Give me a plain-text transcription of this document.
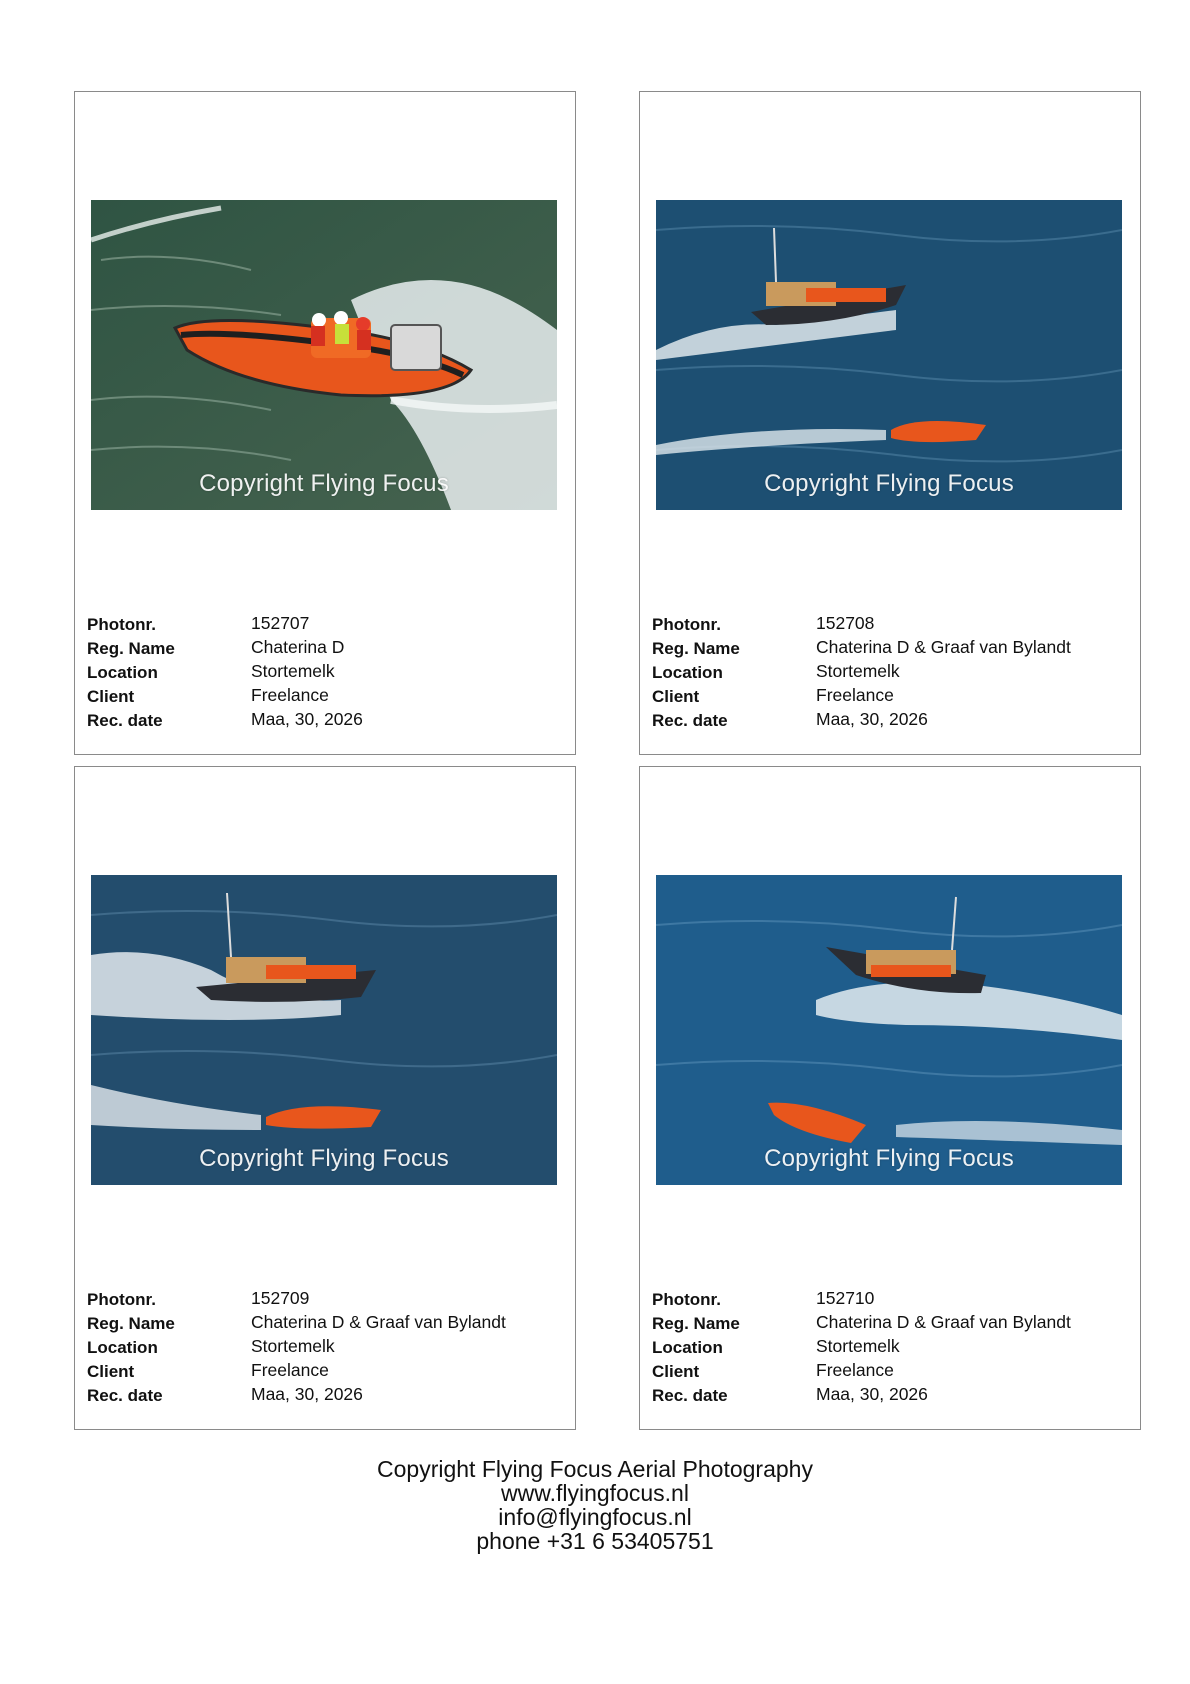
Copyright Flying Focus
Photonr.	152707
Reg. Name	Chaterina D
Location	Stortemelk
Client	Freelance
Rec. date	Maa, 30, 2026
Copyright Flying Focus
Photonr.	152708
Reg. Name	Chaterina D & Graaf van Bylandt
Location	Stortemelk
Client	Freelance
Rec. date	Maa, 30, 2026
Copyright Flying Focus
Photonr.	152709
Reg. Name	Chaterina D & Graaf van Bylandt
Location	Stortemelk
Client	Freelance
Rec. date	Maa, 30, 2026
Copyright Flying Focus
Photonr.	152710
Reg. Name	Chaterina D & Graaf van Bylandt
Location	Stortemelk
Client	Freelance
Rec. date	Maa, 30, 2026
Copyright Flying Focus Aerial Photography
www.flyingfocus.nl
info@flyingfocus.nl
phone +31 6 53405751
